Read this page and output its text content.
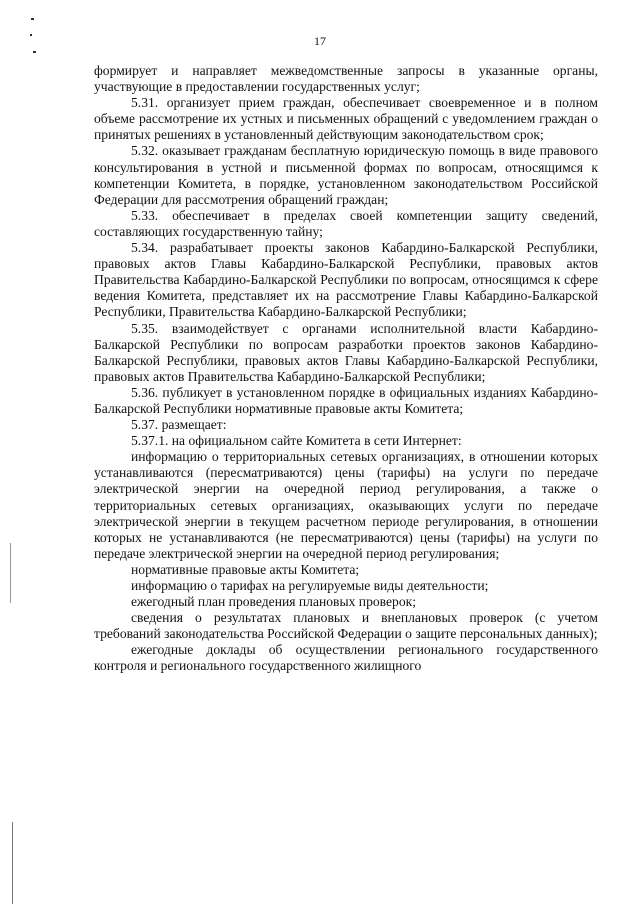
17

формирует и направляет межведомственные запросы в указанные органы, участвующие в предоставлении государственных услуг;

5.31. организует прием граждан, обеспечивает своевременное и в полном объеме рассмотрение их устных и письменных обращений с уведомлением граждан о принятых решениях в установленный действующим законодательством срок;

5.32. оказывает гражданам бесплатную юридическую помощь в виде правового консультирования в устной и письменной формах по вопросам, относящимся к компетенции Комитета, в порядке, установленном законодательством Российской Федерации для рассмотрения обращений граждан;

5.33. обеспечивает в пределах своей компетенции защиту сведений, составляющих государственную тайну;

5.34. разрабатывает проекты законов Кабардино-Балкарской Республики, правовых актов Главы Кабардино-Балкарской Республики, правовых актов Правительства Кабардино-Балкарской Республики по вопросам, относящимся к сфере ведения Комитета, представляет их на рассмотрение Главы Кабардино-Балкарской Республики, Правительства Кабардино-Балкарской Республики;

5.35. взаимодействует с органами исполнительной власти Кабардино-Балкарской Республики по вопросам разработки проектов законов Кабардино-Балкарской Республики, правовых актов Главы Кабардино-Балкарской Республики, правовых актов Правительства Кабардино-Балкарской Республики;

5.36. публикует в установленном порядке в официальных изданиях Кабардино-Балкарской Республики нормативные правовые акты Комитета;

5.37. размещает:

5.37.1. на официальном сайте Комитета в сети Интернет:

информацию о территориальных сетевых организациях, в отношении которых устанавливаются (пересматриваются) цены (тарифы) на услуги по передаче электрической энергии на очередной период регулирования, а также о территориальных сетевых организациях, оказывающих услуги по передаче электрической энергии в текущем расчетном периоде регулирования, в отношении которых не устанавливаются (не пересматриваются) цены (тарифы) на услуги по передаче электрической энергии на очередной период регулирования;

нормативные правовые акты Комитета;

информацию о тарифах на регулируемые виды деятельности;

ежегодный план проведения плановых проверок;

сведения о результатах плановых и внеплановых проверок (с учетом требований законодательства Российской Федерации о защите персональных данных);

ежегодные доклады об осуществлении регионального государственного контроля и регионального государственного жилищного
